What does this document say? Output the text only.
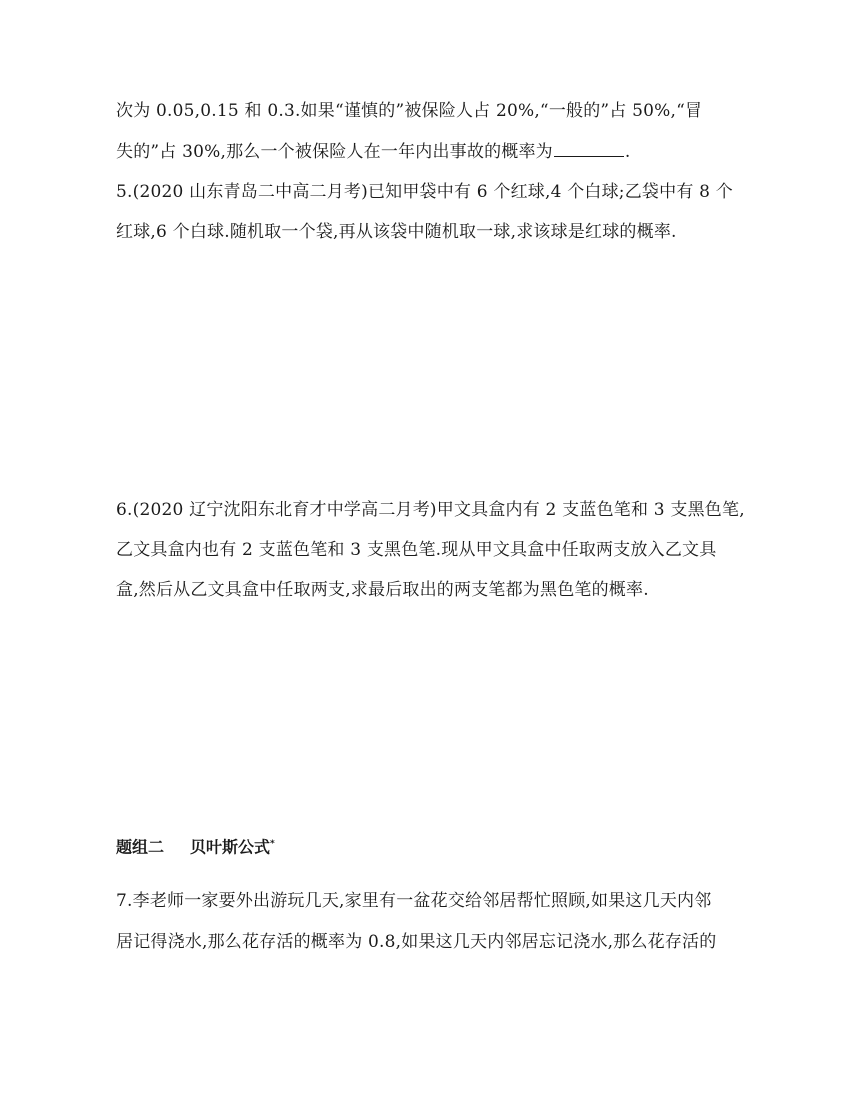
次为 0.05,0.15 和 0.3.如果“谨慎的”被保险人占 20%,“一般的”占 50%,“冒
失的”占 30%,那么一个被保险人在一年内出事故的概率为	.
5.(2020 山东青岛二中高二月考)已知甲袋中有 6 个红球,4 个白球;乙袋中有 8 个
红球,6 个白球.随机取一个袋,再从该袋中随机取一球,求该球是红球的概率.
6.(2020 辽宁沈阳东北育才中学高二月考)甲文具盒内有 2 支蓝色笔和 3 支黑色笔,
乙文具盒内也有 2 支蓝色笔和 3 支黑色笔.现从甲文具盒中任取两支放入乙文具
盒,然后从乙文具盒中任取两支,求最后取出的两支笔都为黑色笔的概率.
题组二 贝叶斯公式*
7.李老师一家要外出游玩几天,家里有一盆花交给邻居帮忙照顾,如果这几天内邻
居记得浇水,那么花存活的概率为 0.8,如果这几天内邻居忘记浇水,那么花存活的
